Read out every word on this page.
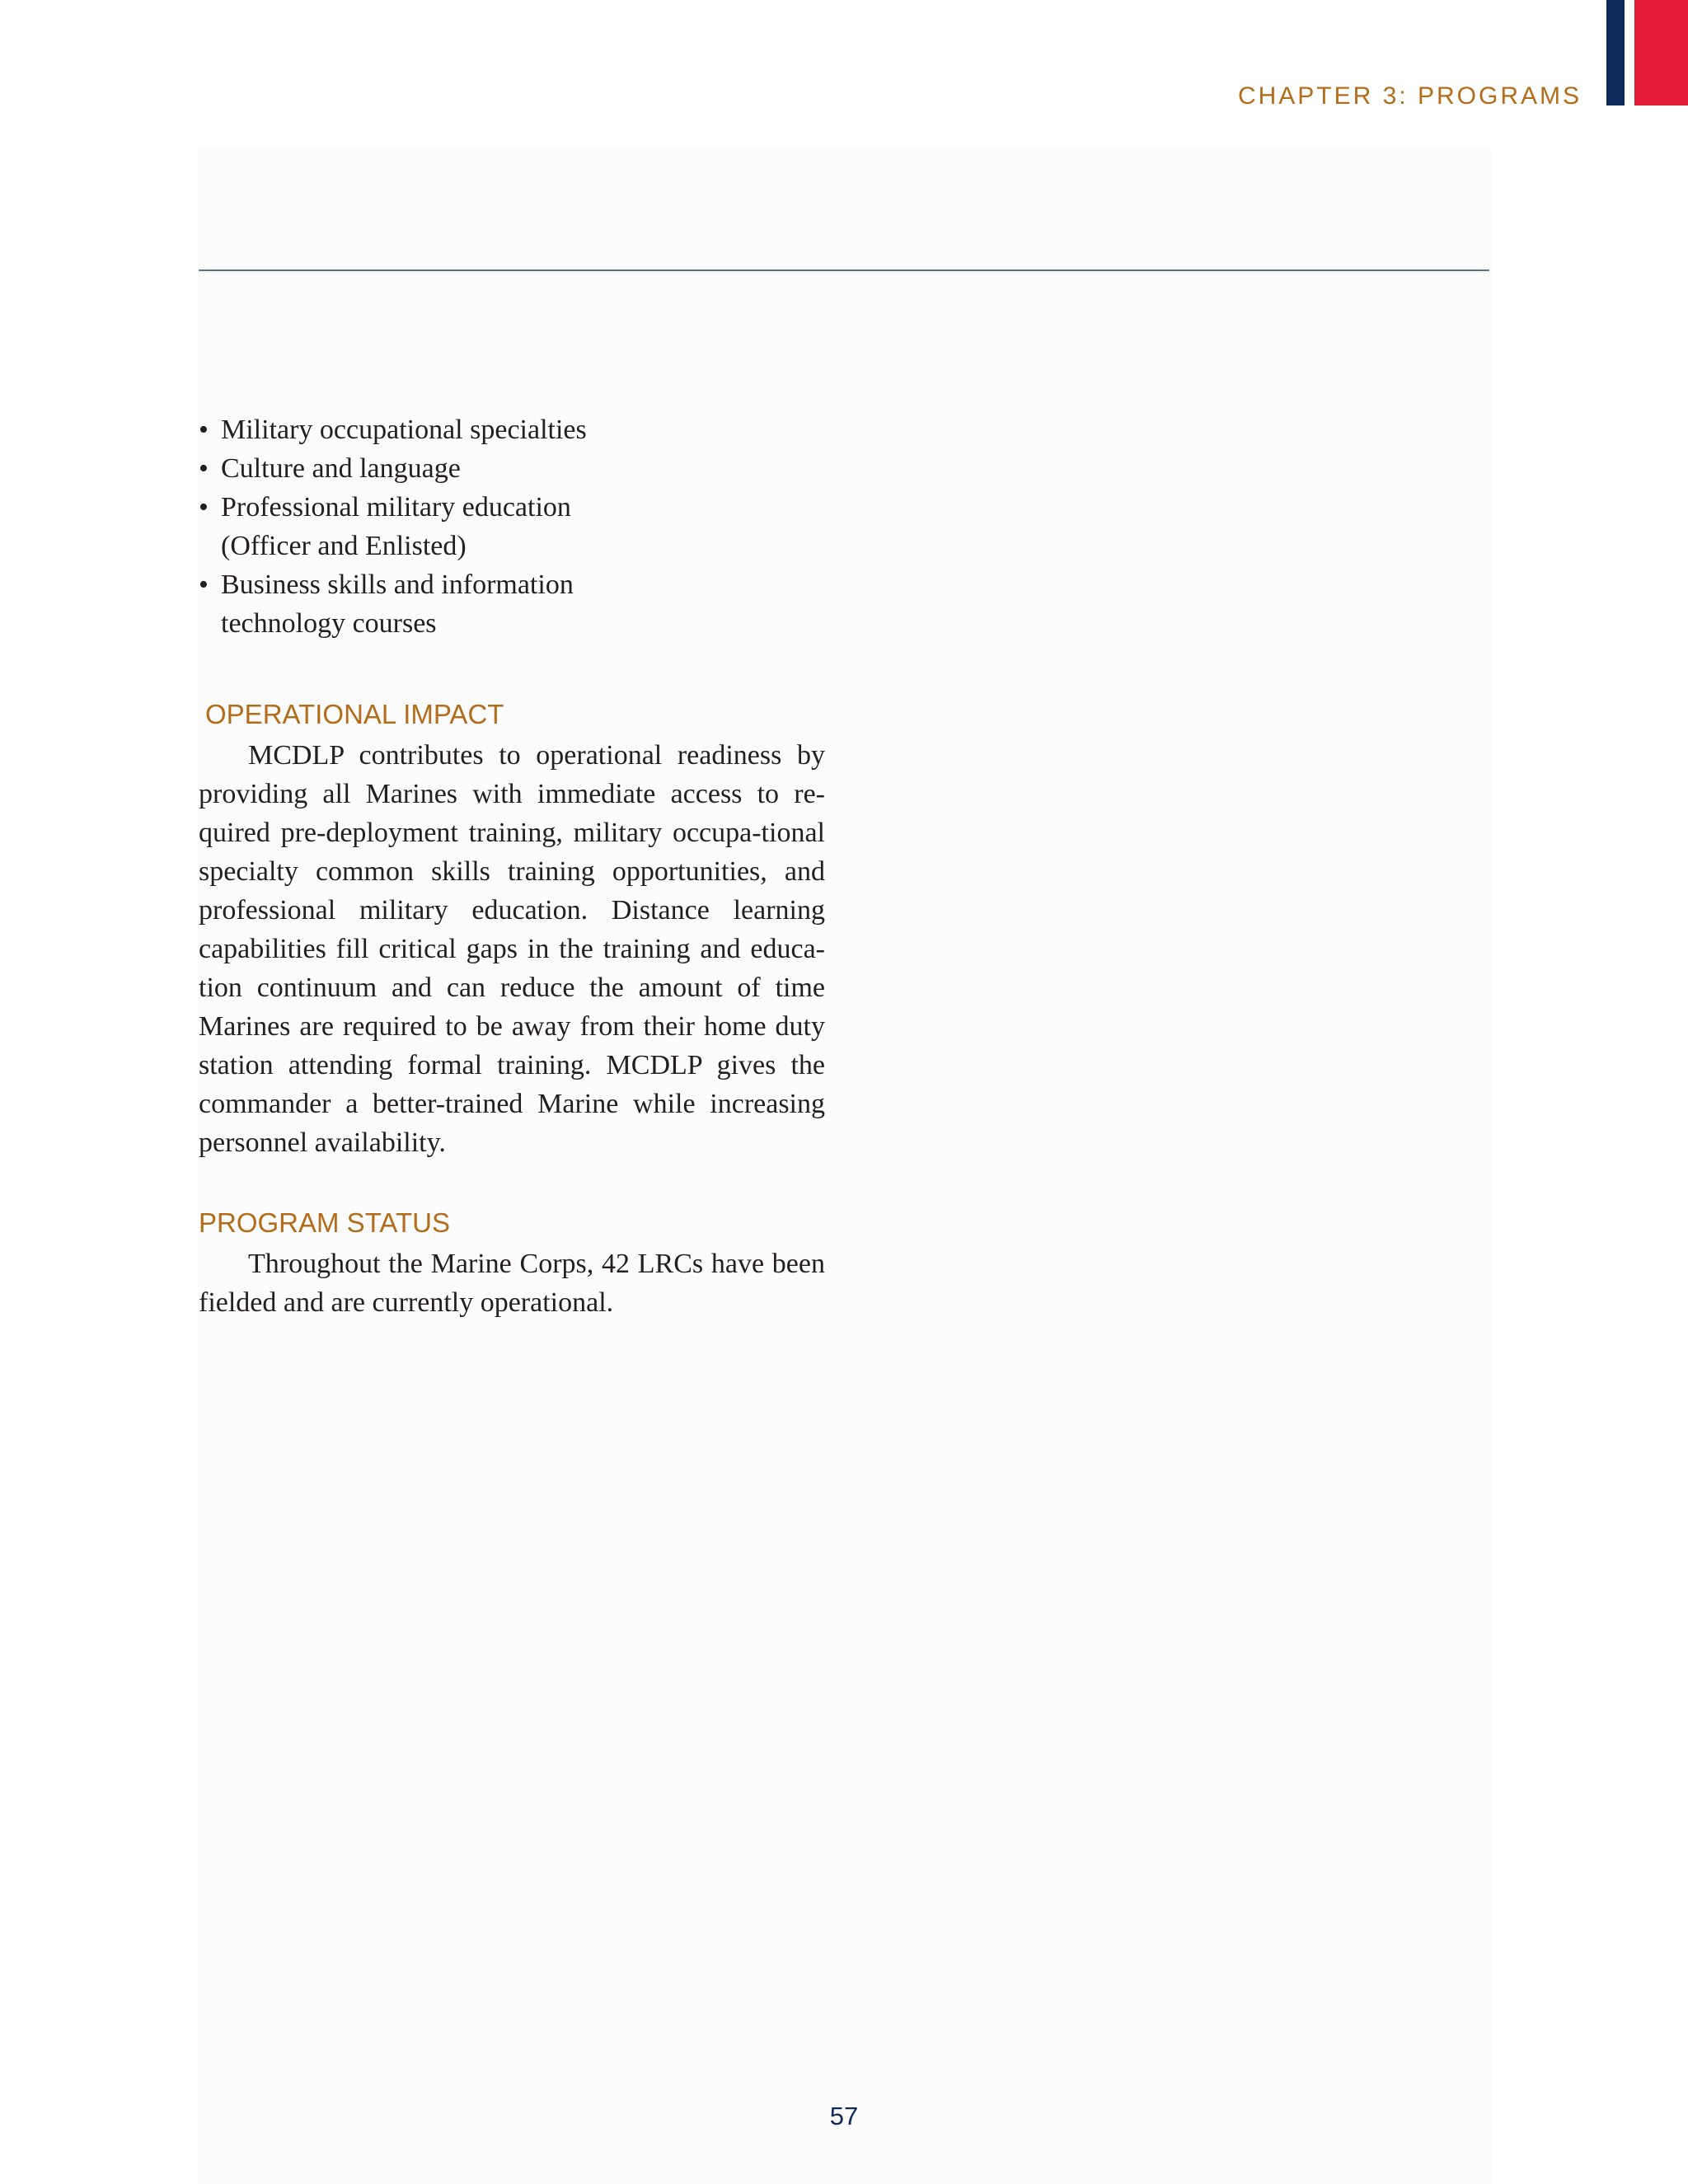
CHAPTER 3: PROGRAMS
• Military occupational specialties
• Culture and language
• Professional military education
(Officer and Enlisted)
• Business skills and information
technology courses
OPERATIONAL IMPACT

MCDLP contributes to operational readiness by providing all Marines with immediate access to re-quired pre-deployment training, military occupa-tional specialty common skills training opportunities, and professional military education. Distance learning capabilities fill critical gaps in the training and educa-tion continuum and can reduce the amount of time Marines are required to be away from their home duty station attending formal training. MCDLP gives the commander a better-trained Marine while increasing personnel availability.

PROGRAM STATUS

Throughout the Marine Corps, 42 LRCs have been fielded and are currently operational.

57
